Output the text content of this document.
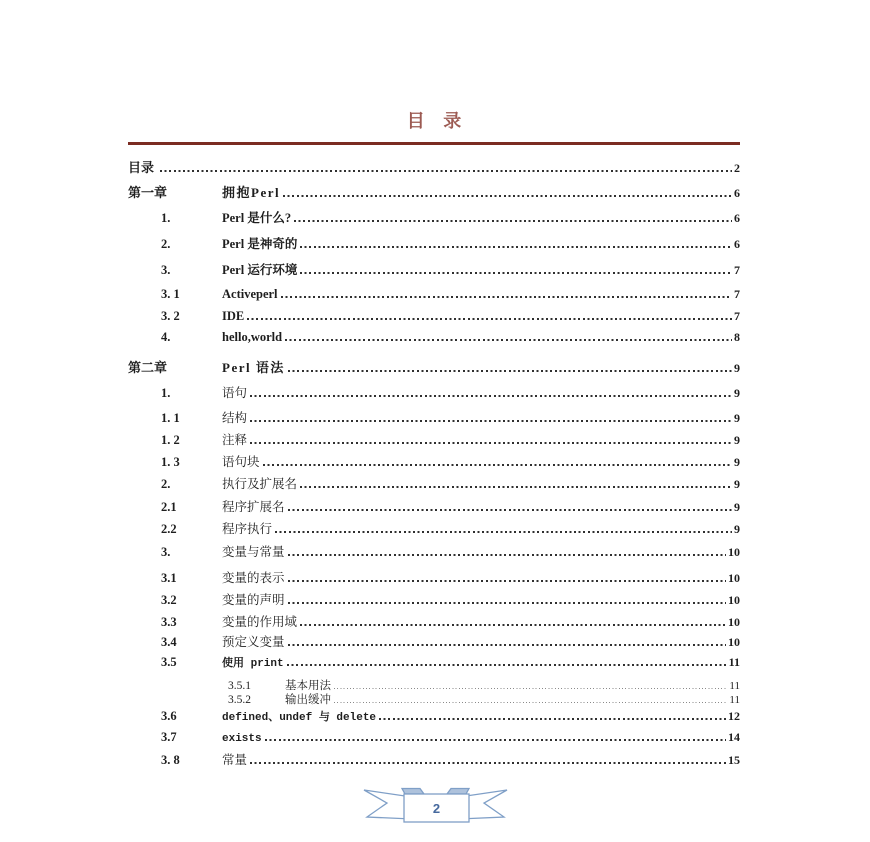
目 录
目录	2
第一章	拥抱Perl	6
1.	Perl 是什么?	6
2.	Perl 是神奇的	6
3.	Perl 运行环境	7
3. 1	Activeperl	7
3. 2	IDE	7
4.	hello,world	8
第二章	Perl 语法	9
1.	语句	9
1. 1	结构	9
1. 2	注释	9
1. 3	语句块	9
2.	执行及扩展名	9
2.1	程序扩展名	9
2.2	程序执行	9
3.	变量与常量	10
3.1	变量的表示	10
3.2	变量的声明	10
3.3	变量的作用域	10
3.4	预定义变量	10
3.5	使用 print	11
3.5.1	基本用法	11
3.5.2	输出缓冲	11
3.6	defined、undef 与 delete	12
3.7	exists	14
3. 8	常量	15
2
